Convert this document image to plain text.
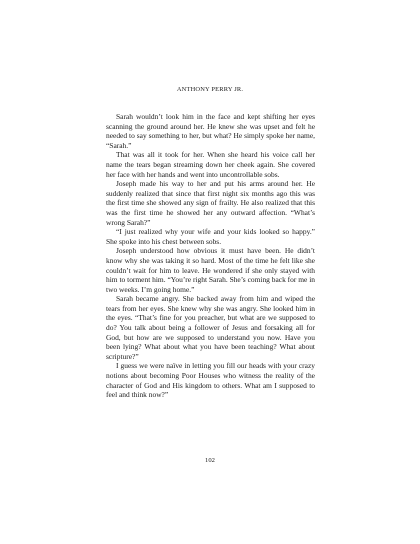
ANTHONY PERRY JR.

Sarah wouldn’t look him in the face and kept shifting her eyes scanning the ground around her. He knew she was upset and felt he needed to say something to her, but what? He simply spoke her name, “Sarah.”

That was all it took for her. When she heard his voice call her name the tears began streaming down her cheek again. She covered her face with her hands and went into uncontrollable sobs.

Joseph made his way to her and put his arms around her. He suddenly realized that since that first night six months ago this was the first time she showed any sign of frailty. He also realized that this was the first time he showed her any outward affection. “What’s wrong Sarah?”

“I just realized why your wife and your kids looked so happy.” She spoke into his chest between sobs.

Joseph understood how obvious it must have been. He didn’t know why she was taking it so hard. Most of the time he felt like she couldn’t wait for him to leave. He wondered if she only stayed with him to torment him. “You’re right Sarah. She’s coming back for me in two weeks. I’m going home.”

Sarah became angry. She backed away from him and wiped the tears from her eyes. She knew why she was angry. She looked him in the eyes. “That’s fine for you preacher, but what are we supposed to do? You talk about being a follower of Jesus and forsaking all for God, but how are we supposed to understand you now. Have you been lying? What about what you have been teaching? What about scripture?”

I guess we were naïve in letting you fill our heads with your crazy notions about becoming Poor Houses who witness the reality of the character of God and His kingdom to others. What am I supposed to feel and think now?”

102
